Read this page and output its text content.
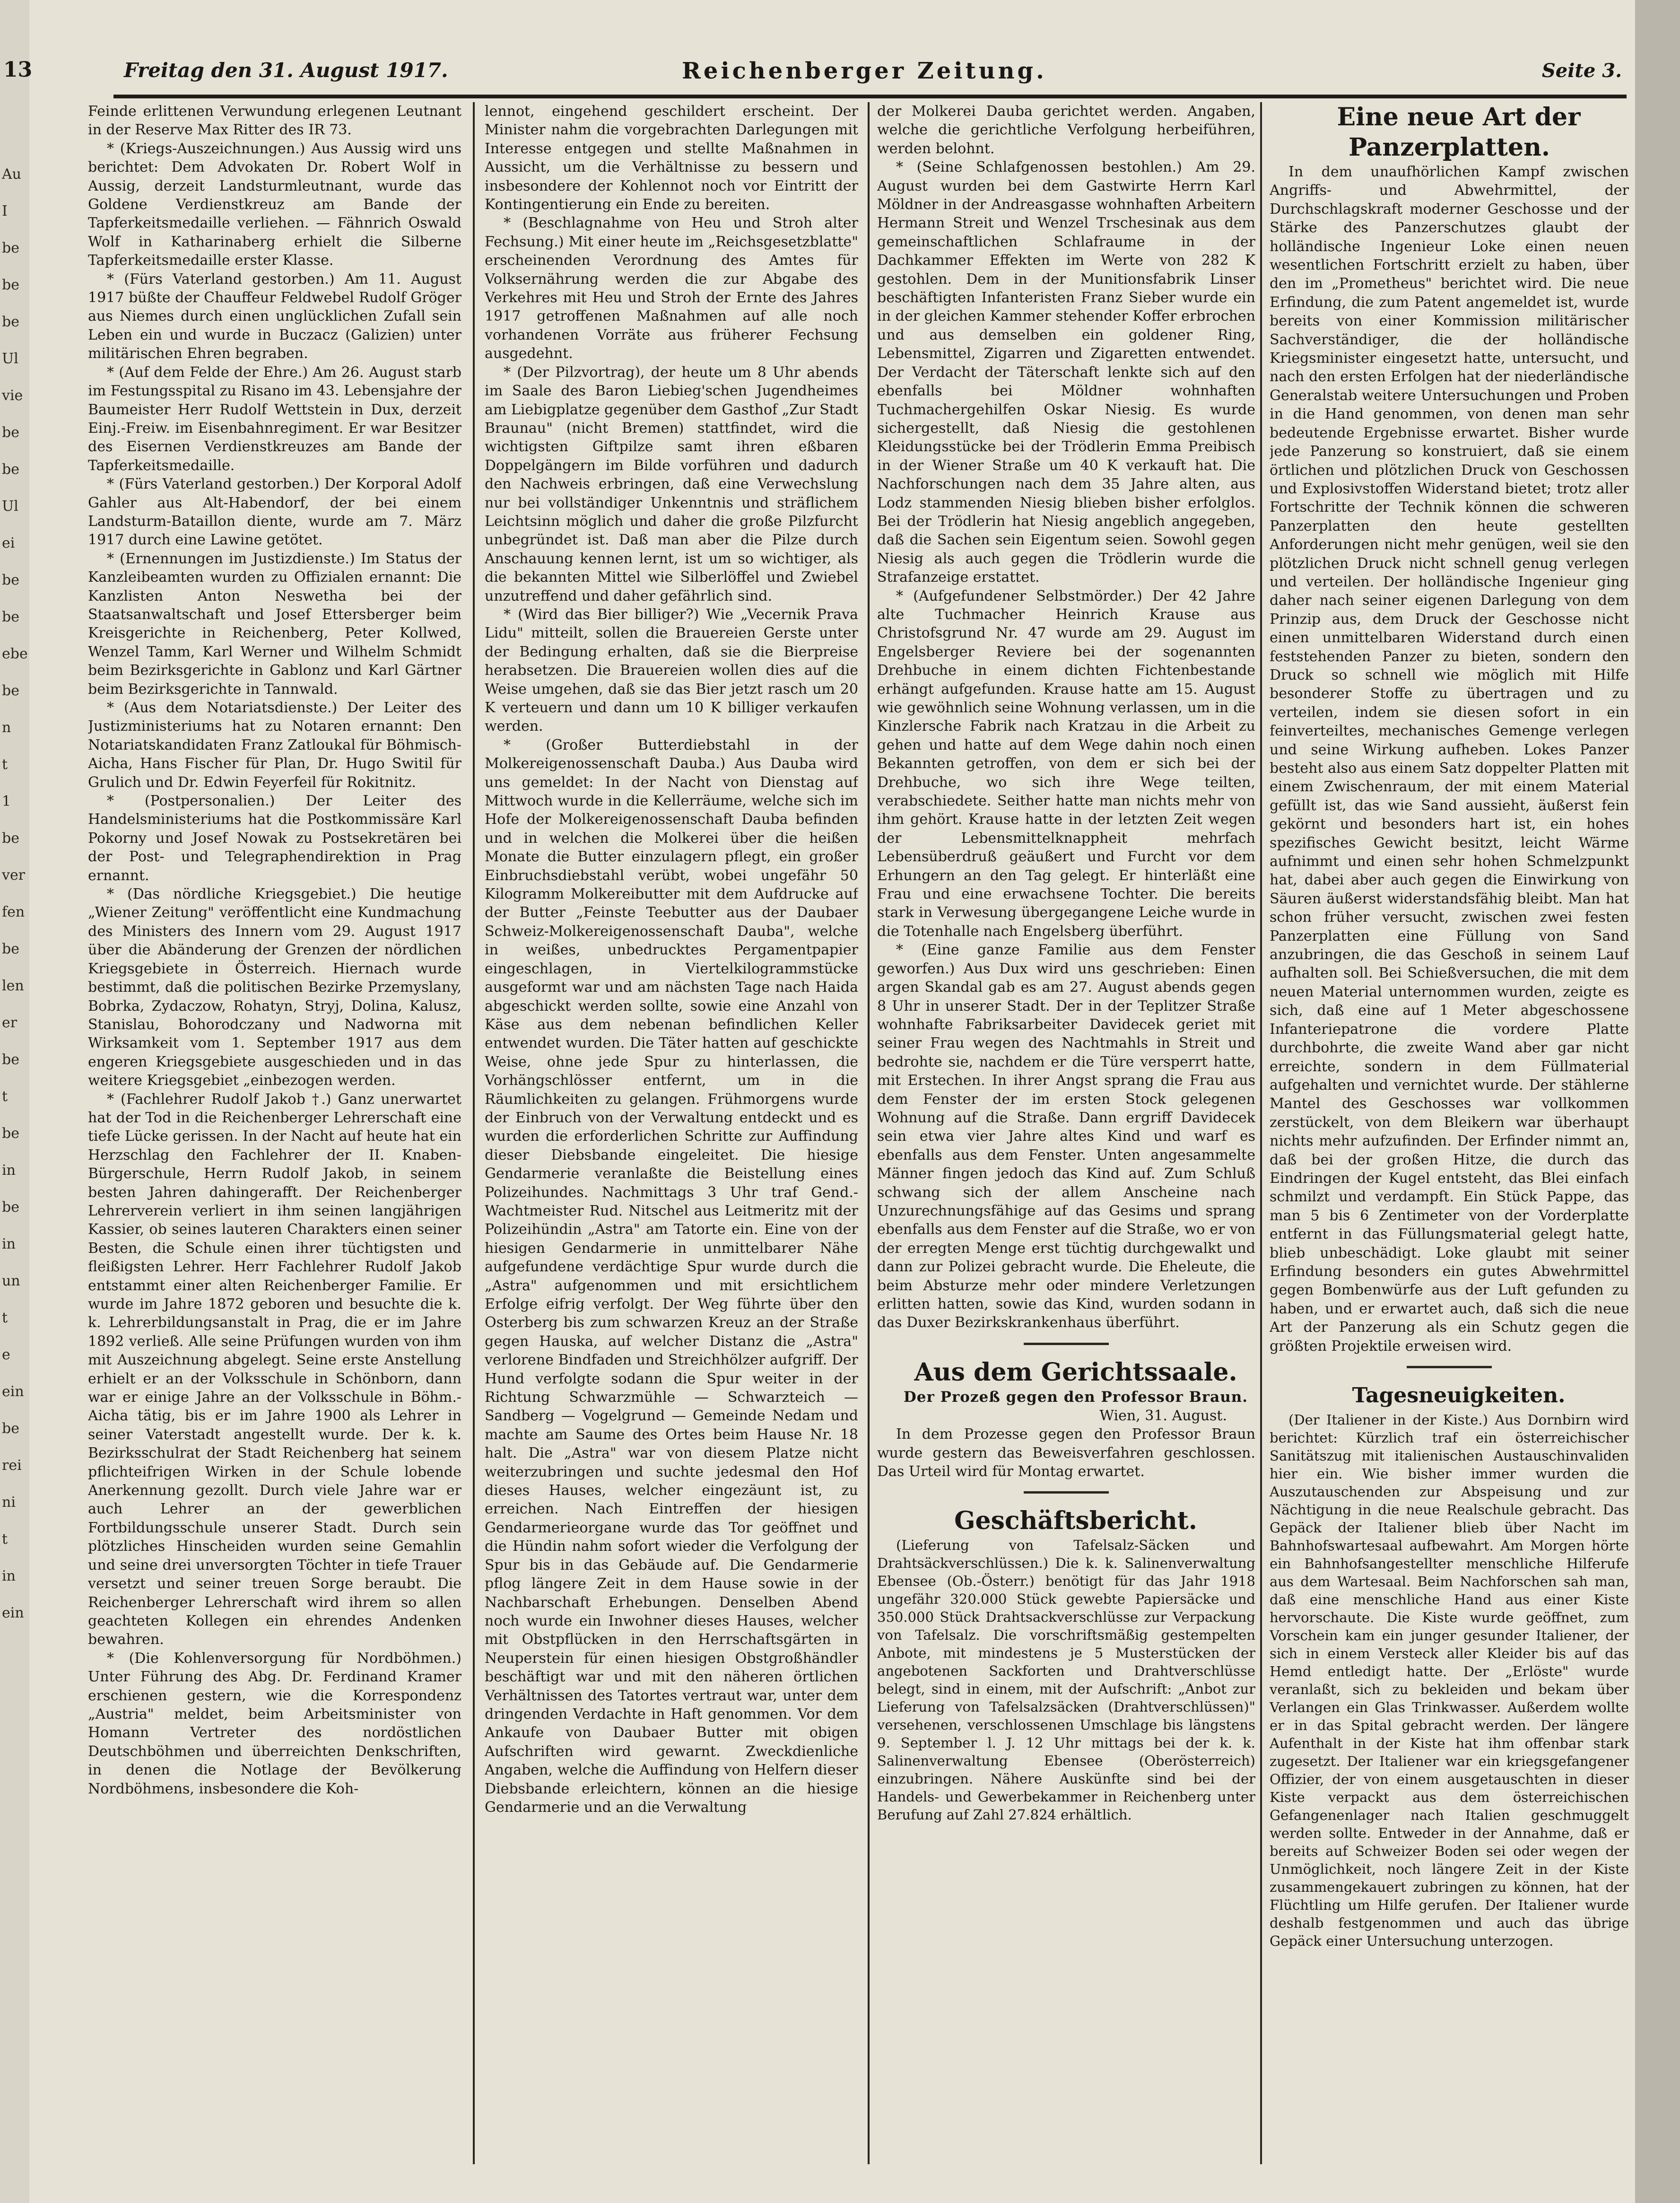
Au
I
be
be
be
Ul
vie
be
be
Ul
ei
be
be
ebe
be
n
t
1
be
ver
fen
be
len
er
be
t
be
in
be
in
un
t
e
ein
be
rei
ni
t
in
ein
13	Freitag den 31. August 1917.	Reichenberger Zeitung.	Seite 3.

Feinde erlittenen Verwundung erlegenen Leutnant in der Reserve Max Ritter des IR 73.

* (Kriegs-Auszeichnungen.) Aus Aussig wird uns berichtet: Dem Advokaten Dr. Robert Wolf in Aussig, derzeit Landsturmleutnant, wurde das Goldene Verdienstkreuz am Bande der Tapferkeitsmedaille verliehen. — Fähnrich Oswald Wolf in Katharinaberg erhielt die Silberne Tapferkeitsmedaille erster Klasse.

* (Fürs Vaterland gestorben.) Am 11. August 1917 büßte der Chauffeur Feldwebel Rudolf Gröger aus Niemes durch einen unglücklichen Zufall sein Leben ein und wurde in Buczacz (Galizien) unter militärischen Ehren begraben.

* (Auf dem Felde der Ehre.) Am 26. August starb im Festungsspital zu Risano im 43. Lebensjahre der Baumeister Herr Rudolf Wettstein in Dux, derzeit Einj.-Freiw. im Eisenbahnregiment. Er war Besitzer des Eisernen Verdienstkreuzes am Bande der Tapferkeitsmedaille.

* (Fürs Vaterland gestorben.) Der Korporal Adolf Gahler aus Alt-Habendorf, der bei einem Landsturm-Bataillon diente, wurde am 7. März 1917 durch eine Lawine getötet.

* (Ernennungen im Justizdienste.) Im Status der Kanzleibeamten wurden zu Offizialen ernannt: Die Kanzlisten Anton Neswetha bei der Staatsanwaltschaft und Josef Ettersberger beim Kreisgerichte in Reichenberg, Peter Kollwed, Wenzel Tamm, Karl Werner und Wilhelm Schmidt beim Bezirksgerichte in Gablonz und Karl Gärtner beim Bezirksgerichte in Tannwald.

* (Aus dem Notariatsdienste.) Der Leiter des Justizministeriums hat zu Notaren ernannt: Den Notariatskandidaten Franz Zatloukal für Böhmisch-Aicha, Hans Fischer für Plan, Dr. Hugo Switil für Grulich und Dr. Edwin Feyerfeil für Rokitnitz.

* (Postpersonalien.) Der Leiter des Handelsministeriums hat die Postkommissäre Karl Pokorny und Josef Nowak zu Postsekretären bei der Post- und Telegraphendirektion in Prag ernannt.

* (Das nördliche Kriegsgebiet.) Die heutige „Wiener Zeitung" veröffentlicht eine Kundmachung des Ministers des Innern vom 29. August 1917 über die Abänderung der Grenzen der nördlichen Kriegsgebiete in Österreich. Hiernach wurde bestimmt, daß die politischen Bezirke Przemyslany, Bobrka, Zydaczow, Rohatyn, Stryj, Dolina, Kalusz, Stanislau, Bohorodczany und Nadworna mit Wirksamkeit vom 1. September 1917 aus dem engeren Kriegsgebiete ausgeschieden und in das weitere Kriegsgebiet „einbezogen werden.

* (Fachlehrer Rudolf Jakob †.) Ganz unerwartet hat der Tod in die Reichenberger Lehrerschaft eine tiefe Lücke gerissen. In der Nacht auf heute hat ein Herzschlag den Fachlehrer der II. Knaben-Bürgerschule, Herrn Rudolf Jakob, in seinem besten Jahren dahingerafft. Der Reichenberger Lehrerverein verliert in ihm seinen langjährigen Kassier, ob seines lauteren Charakters einen seiner Besten, die Schule einen ihrer tüchtigsten und fleißigsten Lehrer. Herr Fachlehrer Rudolf Jakob entstammt einer alten Reichenberger Familie. Er wurde im Jahre 1872 geboren und besuchte die k. k. Lehrerbildungsanstalt in Prag, die er im Jahre 1892 verließ. Alle seine Prüfungen wurden von ihm mit Auszeichnung abgelegt. Seine erste Anstellung erhielt er an der Volksschule in Schönborn, dann war er einige Jahre an der Volksschule in Böhm.-Aicha tätig, bis er im Jahre 1900 als Lehrer in seiner Vaterstadt angestellt wurde. Der k. k. Bezirksschulrat der Stadt Reichenberg hat seinem pflichteifrigen Wirken in der Schule lobende Anerkennung gezollt. Durch viele Jahre war er auch Lehrer an der gewerblichen Fortbildungsschule unserer Stadt. Durch sein plötzliches Hinscheiden wurden seine Gemahlin und seine drei unversorgten Töchter in tiefe Trauer versetzt und seiner treuen Sorge beraubt. Die Reichenberger Lehrerschaft wird ihrem so allen geachteten Kollegen ein ehrendes Andenken bewahren.

* (Die Kohlenversorgung für Nordböhmen.) Unter Führung des Abg. Dr. Ferdinand Kramer erschienen gestern, wie die Korrespondenz „Austria" meldet, beim Arbeitsminister von Homann Vertreter des nordöstlichen Deutschböhmen und überreichten Denkschriften, in denen die Notlage der Bevölkerung Nordböhmens, insbesondere die Koh-

lennot, eingehend geschildert erscheint. Der Minister nahm die vorgebrachten Darlegungen mit Interesse entgegen und stellte Maßnahmen in Aussicht, um die Verhältnisse zu bessern und insbesondere der Kohlennot noch vor Eintritt der Kontingentierung ein Ende zu bereiten.

* (Beschlagnahme von Heu und Stroh alter Fechsung.) Mit einer heute im „Reichsgesetzblatte" erscheinenden Verordnung des Amtes für Volksernährung werden die zur Abgabe des Verkehres mit Heu und Stroh der Ernte des Jahres 1917 getroffenen Maßnahmen auf alle noch vorhandenen Vorräte aus früherer Fechsung ausgedehnt.

* (Der Pilzvortrag), der heute um 8 Uhr abends im Saale des Baron Liebieg'schen Jugendheimes am Liebigplatze gegenüber dem Gasthof „Zur Stadt Braunau" (nicht Bremen) stattfindet, wird die wichtigsten Giftpilze samt ihren eßbaren Doppelgängern im Bilde vorführen und dadurch den Nachweis erbringen, daß eine Verwechslung nur bei vollständiger Unkenntnis und sträflichem Leichtsinn möglich und daher die große Pilzfurcht unbegründet ist. Daß man aber die Pilze durch Anschauung kennen lernt, ist um so wichtiger, als die bekannten Mittel wie Silberlöffel und Zwiebel unzutreffend und daher gefährlich sind.

* (Wird das Bier billiger?) Wie „Vecernik Prava Lidu" mitteilt, sollen die Brauereien Gerste unter der Bedingung erhalten, daß sie die Bierpreise herabsetzen. Die Brauereien wollen dies auf die Weise umgehen, daß sie das Bier jetzt rasch um 20 K verteuern und dann um 10 K billiger verkaufen werden.

* (Großer Butterdiebstahl in der Molkereigenossenschaft Dauba.) Aus Dauba wird uns gemeldet: In der Nacht von Dienstag auf Mittwoch wurde in die Kellerräume, welche sich im Hofe der Molkereigenossenschaft Dauba befinden und in welchen die Molkerei über die heißen Monate die Butter einzulagern pflegt, ein großer Einbruchsdiebstahl verübt, wobei ungefähr 50 Kilogramm Molkereibutter mit dem Aufdrucke auf der Butter „Feinste Teebutter aus der Daubaer Schweiz-Molkereigenossenschaft Dauba", welche in weißes, unbedrucktes Pergamentpapier eingeschlagen, in Viertelkilogrammstücke ausgeformt war und am nächsten Tage nach Haida abgeschickt werden sollte, sowie eine Anzahl von Käse aus dem nebenan befindlichen Keller entwendet wurden. Die Täter hatten auf geschickte Weise, ohne jede Spur zu hinterlassen, die Vorhängschlösser entfernt, um in die Räumlichkeiten zu gelangen. Frühmorgens wurde der Einbruch von der Verwaltung entdeckt und es wurden die erforderlichen Schritte zur Auffindung dieser Diebsbande eingeleitet. Die hiesige Gendarmerie veranlaßte die Beistellung eines Polizeihundes. Nachmittags 3 Uhr traf Gend.-Wachtmeister Rud. Nitschel aus Leitmeritz mit der Polizeihündin „Astra" am Tatorte ein. Eine von der hiesigen Gendarmerie in unmittelbarer Nähe aufgefundene verdächtige Spur wurde durch die „Astra" aufgenommen und mit ersichtlichem Erfolge eifrig verfolgt. Der Weg führte über den Osterberg bis zum schwarzen Kreuz an der Straße gegen Hauska, auf welcher Distanz die „Astra" verlorene Bindfaden und Streichhölzer aufgriff. Der Hund verfolgte sodann die Spur weiter in der Richtung Schwarzmühle — Schwarzteich — Sandberg — Vogelgrund — Gemeinde Nedam und machte am Saume des Ortes beim Hause Nr. 18 halt. Die „Astra" war von diesem Platze nicht weiterzubringen und suchte jedesmal den Hof dieses Hauses, welcher eingezäunt ist, zu erreichen. Nach Eintreffen der hiesigen Gendarmerieorgane wurde das Tor geöffnet und die Hündin nahm sofort wieder die Verfolgung der Spur bis in das Gebäude auf. Die Gendarmerie pflog längere Zeit in dem Hause sowie in der Nachbarschaft Erhebungen. Denselben Abend noch wurde ein Inwohner dieses Hauses, welcher mit Obstpflücken in den Herrschaftsgärten in Neuperstein für einen hiesigen Obstgroßhändler beschäftigt war und mit den näheren örtlichen Verhältnissen des Tatortes vertraut war, unter dem dringenden Verdachte in Haft genommen. Vor dem Ankaufe von Daubaer Butter mit obigen Aufschriften wird gewarnt. Zweckdienliche Angaben, welche die Auffindung von Helfern dieser Diebsbande erleichtern, können an die hiesige Gendarmerie und an die Verwaltung

der Molkerei Dauba gerichtet werden. Angaben, welche die gerichtliche Verfolgung herbeiführen, werden belohnt.

* (Seine Schlafgenossen bestohlen.) Am 29. August wurden bei dem Gastwirte Herrn Karl Möldner in der Andreasgasse wohnhaften Arbeitern Hermann Streit und Wenzel Trschesinak aus dem gemeinschaftlichen Schlafraume in der Dachkammer Effekten im Werte von 282 K gestohlen. Dem in der Munitionsfabrik Linser beschäftigten Infanteristen Franz Sieber wurde ein in der gleichen Kammer stehender Koffer erbrochen und aus demselben ein goldener Ring, Lebensmittel, Zigarren und Zigaretten entwendet. Der Verdacht der Täterschaft lenkte sich auf den ebenfalls bei Möldner wohnhaften Tuchmachergehilfen Oskar Niesig. Es wurde sichergestellt, daß Niesig die gestohlenen Kleidungsstücke bei der Trödlerin Emma Preibisch in der Wiener Straße um 40 K verkauft hat. Die Nachforschungen nach dem 35 Jahre alten, aus Lodz stammenden Niesig blieben bisher erfolglos. Bei der Trödlerin hat Niesig angeblich angegeben, daß die Sachen sein Eigentum seien. Sowohl gegen Niesig als auch gegen die Trödlerin wurde die Strafanzeige erstattet.

* (Aufgefundener Selbstmörder.) Der 42 Jahre alte Tuchmacher Heinrich Krause aus Christofsgrund Nr. 47 wurde am 29. August im Engelsberger Reviere bei der sogenannten Drehbuche in einem dichten Fichtenbestande erhängt aufgefunden. Krause hatte am 15. August wie gewöhnlich seine Wohnung verlassen, um in die Kinzlersche Fabrik nach Kratzau in die Arbeit zu gehen und hatte auf dem Wege dahin noch einen Bekannten getroffen, von dem er sich bei der Drehbuche, wo sich ihre Wege teilten, verabschiedete. Seither hatte man nichts mehr von ihm gehört. Krause hatte in der letzten Zeit wegen der Lebensmittelknappheit mehrfach Lebensüberdruß geäußert und Furcht vor dem Erhungern an den Tag gelegt. Er hinterläßt eine Frau und eine erwachsene Tochter. Die bereits stark in Verwesung übergegangene Leiche wurde in die Totenhalle nach Engelsberg überführt.

* (Eine ganze Familie aus dem Fenster geworfen.) Aus Dux wird uns geschrieben: Einen argen Skandal gab es am 27. August abends gegen 8 Uhr in unserer Stadt. Der in der Teplitzer Straße wohnhafte Fabriksarbeiter Davidecek geriet mit seiner Frau wegen des Nachtmahls in Streit und bedrohte sie, nachdem er die Türe versperrt hatte, mit Erstechen. In ihrer Angst sprang die Frau aus dem Fenster der im ersten Stock gelegenen Wohnung auf die Straße. Dann ergriff Davidecek sein etwa vier Jahre altes Kind und warf es ebenfalls aus dem Fenster. Unten angesammelte Männer fingen jedoch das Kind auf. Zum Schluß schwang sich der allem Anscheine nach Unzurechnungsfähige auf das Gesims und sprang ebenfalls aus dem Fenster auf die Straße, wo er von der erregten Menge erst tüchtig durchgewalkt und dann zur Polizei gebracht wurde. Die Eheleute, die beim Absturze mehr oder mindere Verletzungen erlitten hatten, sowie das Kind, wurden sodann in das Duxer Bezirkskrankenhaus überführt.

Aus dem Gerichtssaale.

Der Prozeß gegen den Professor Braun.

Wien, 31. August.

In dem Prozesse gegen den Professor Braun wurde gestern das Beweisverfahren geschlossen. Das Urteil wird für Montag erwartet.

Geschäftsbericht.

(Lieferung von Tafelsalz-Säcken und Drahtsäckverschlüssen.) Die k. k. Salinenverwaltung Ebensee (Ob.-Österr.) benötigt für das Jahr 1918 ungefähr 320.000 Stück gewebte Papiersäcke und 350.000 Stück Drahtsackverschlüsse zur Verpackung von Tafelsalz. Die vorschriftsmäßig gestempelten Anbote, mit mindestens je 5 Musterstücken der angebotenen Sackforten und Drahtverschlüsse belegt, sind in einem, mit der Aufschrift: „Anbot zur Lieferung von Tafelsalzsäcken (Drahtverschlüssen)" versehenen, verschlossenen Umschlage bis längstens 9. September l. J. 12 Uhr mittags bei der k. k. Salinenverwaltung Ebensee (Oberösterreich) einzubringen. Nähere Auskünfte sind bei der Handels- und Gewerbekammer in Reichenberg unter Berufung auf Zahl 27.824 erhältlich.

Eine neue Art der Panzerplatten.

In dem unaufhörlichen Kampf zwischen Angriffs- und Abwehrmittel, der Durchschlagskraft moderner Geschosse und der Stärke des Panzerschutzes glaubt der holländische Ingenieur Loke einen neuen wesentlichen Fortschritt erzielt zu haben, über den im „Prometheus" berichtet wird. Die neue Erfindung, die zum Patent angemeldet ist, wurde bereits von einer Kommission militärischer Sachverständiger, die der holländische Kriegsminister eingesetzt hatte, untersucht, und nach den ersten Erfolgen hat der niederländische Generalstab weitere Untersuchungen und Proben in die Hand genommen, von denen man sehr bedeutende Ergebnisse erwartet. Bisher wurde jede Panzerung so konstruiert, daß sie einem örtlichen und plötzlichen Druck von Geschossen und Explosivstoffen Widerstand bietet; trotz aller Fortschritte der Technik können die schweren Panzerplatten den heute gestellten Anforderungen nicht mehr genügen, weil sie den plötzlichen Druck nicht schnell genug verlegen und verteilen. Der holländische Ingenieur ging daher nach seiner eigenen Darlegung von dem Prinzip aus, dem Druck der Geschosse nicht einen unmittelbaren Widerstand durch einen feststehenden Panzer zu bieten, sondern den Druck so schnell wie möglich mit Hilfe besonderer Stoffe zu übertragen und zu verteilen, indem sie diesen sofort in ein feinverteiltes, mechanisches Gemenge verlegen und seine Wirkung aufheben. Lokes Panzer besteht also aus einem Satz doppelter Platten mit einem Zwischenraum, der mit einem Material gefüllt ist, das wie Sand aussieht, äußerst fein gekörnt und besonders hart ist, ein hohes spezifisches Gewicht besitzt, leicht Wärme aufnimmt und einen sehr hohen Schmelzpunkt hat, dabei aber auch gegen die Einwirkung von Säuren äußerst widerstandsfähig bleibt. Man hat schon früher versucht, zwischen zwei festen Panzerplatten eine Füllung von Sand anzubringen, die das Geschoß in seinem Lauf aufhalten soll. Bei Schießversuchen, die mit dem neuen Material unternommen wurden, zeigte es sich, daß eine auf 1 Meter abgeschossene Infanteriepatrone die vordere Platte durchbohrte, die zweite Wand aber gar nicht erreichte, sondern in dem Füllmaterial aufgehalten und vernichtet wurde. Der stählerne Mantel des Geschosses war vollkommen zerstückelt, von dem Bleikern war überhaupt nichts mehr aufzufinden. Der Erfinder nimmt an, daß bei der großen Hitze, die durch das Eindringen der Kugel entsteht, das Blei einfach schmilzt und verdampft. Ein Stück Pappe, das man 5 bis 6 Zentimeter von der Vorderplatte entfernt in das Füllungsmaterial gelegt hatte, blieb unbeschädigt. Loke glaubt mit seiner Erfindung besonders ein gutes Abwehrmittel gegen Bombenwürfe aus der Luft gefunden zu haben, und er erwartet auch, daß sich die neue Art der Panzerung als ein Schutz gegen die größten Projektile erweisen wird.

Tagesneuigkeiten.

(Der Italiener in der Kiste.) Aus Dornbirn wird berichtet: Kürzlich traf ein österreichischer Sanitätszug mit italienischen Austauschinvaliden hier ein. Wie bisher immer wurden die Auszutauschenden zur Abspeisung und zur Nächtigung in die neue Realschule gebracht. Das Gepäck der Italiener blieb über Nacht im Bahnhofswartesaal aufbewahrt. Am Morgen hörte ein Bahnhofsangestellter menschliche Hilferufe aus dem Wartesaal. Beim Nachforschen sah man, daß eine menschliche Hand aus einer Kiste hervorschaute. Die Kiste wurde geöffnet, zum Vorschein kam ein junger gesunder Italiener, der sich in einem Versteck aller Kleider bis auf das Hemd entledigt hatte. Der „Erlöste" wurde veranlaßt, sich zu bekleiden und bekam über Verlangen ein Glas Trinkwasser. Außerdem wollte er in das Spital gebracht werden. Der längere Aufenthalt in der Kiste hat ihm offenbar stark zugesetzt. Der Italiener war ein kriegsgefangener Offizier, der von einem ausgetauschten in dieser Kiste verpackt aus dem österreichischen Gefangenenlager nach Italien geschmuggelt werden sollte. Entweder in der Annahme, daß er bereits auf Schweizer Boden sei oder wegen der Unmöglichkeit, noch längere Zeit in der Kiste zusammengekauert zubringen zu können, hat der Flüchtling um Hilfe gerufen. Der Italiener wurde deshalb festgenommen und auch das übrige Gepäck einer Untersuchung unterzogen.
